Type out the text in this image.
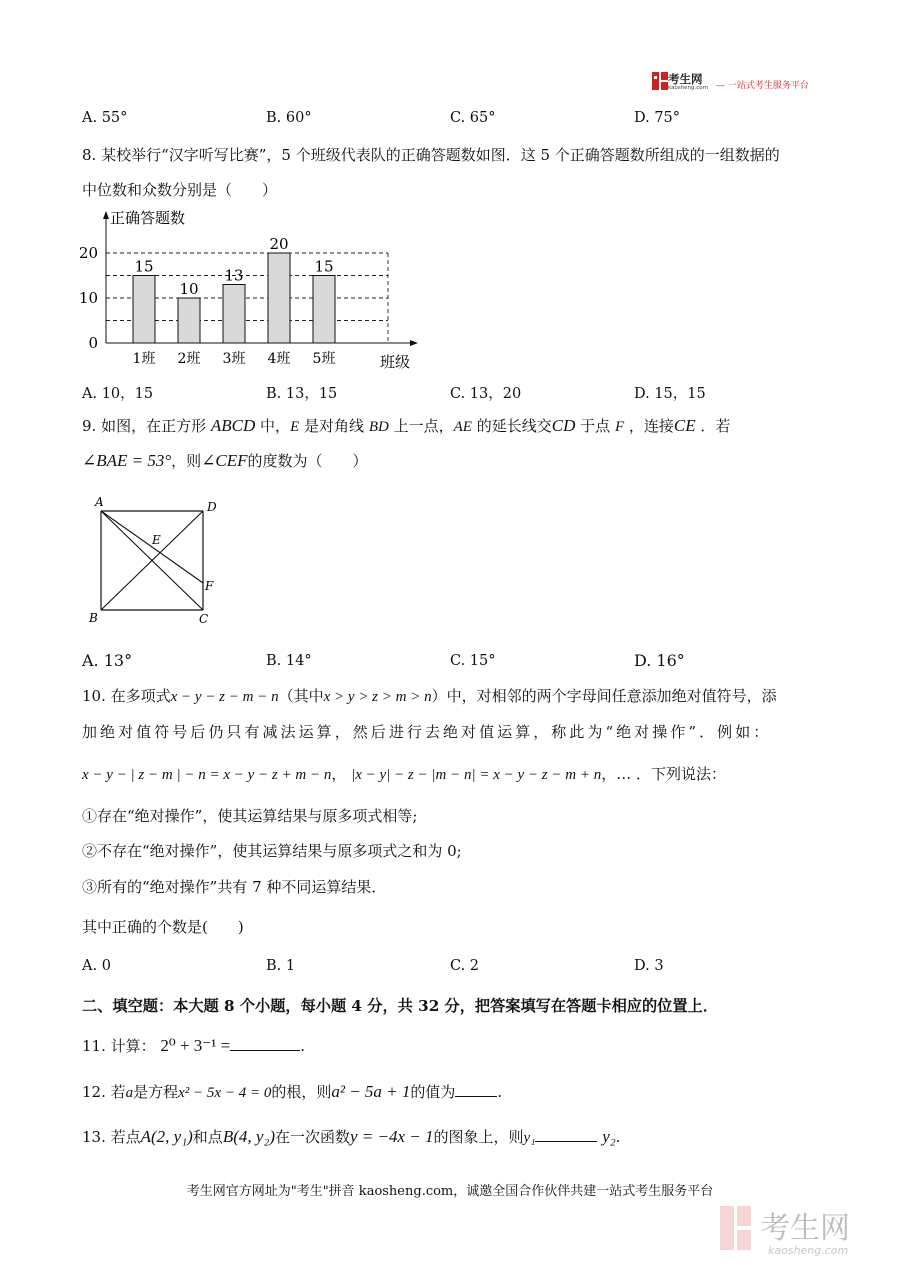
考生网
kaosheng.com — 一站式考生服务平台
A. 55°	B. 60°	C. 65°	D. 75°
8. 某校举行“汉字听写比赛”，5 个班级代表队的正确答题数如图．这 5 个正确答题数所组成的一组数据的
中位数和众数分别是（　　）
正确答题数
班级
0
10
20
15
10
13
20
15
1班 2班 3班 4班 5班
A. 10，15	B. 13，15	C. 13，20	D. 15，15
9. 如图，在正方形 ABCD 中，E 是对角线 BD 上一点，AE 的延长线交CD 于点 F ，连接CE ．若
∠BAE = 53°，则∠CEF的度数为（　　）
A	D
B	C
E
F
A. 13°	B. 14°	C. 15°	D. 16°
10. 在多项式x − y − z − m − n（其中x > y > z > m > n）中，对相邻的两个字母间任意添加绝对值符号，添
加绝对值符号后仍只有减法运算，然后进行去绝对值运算，称此为“绝对操作”．例如：
x − y − | z − m | − n = x − y − z + m − n， |x − y| − z − |m − n| = x − y − z − m + n，… ．下列说法：
①存在“绝对操作”，使其运算结果与原多项式相等;
②不存在“绝对操作”，使其运算结果与原多项式之和为 0;
③所有的“绝对操作”共有 7 种不同运算结果．
其中正确的个数是(　　)
A. 0	B. 1	C. 2	D. 3
二、填空题：本大题 8 个小题，每小题 4 分，共 32 分，把答案填写在答题卡相应的位置上．
11. 计算： 2⁰ + 3⁻¹ =	.
12. 若a是方程x² − 5x − 4 = 0的根，则a² − 5a + 1的值为	.
13. 若点A(2, y₁)和点B(4, y₂)在一次函数y = −4x − 1的图象上，则y₁	y₂.
考生网官方网址为"考生"拼音 kaosheng.com，诚邀全国合作伙伴共建一站式考生服务平台
考生网
kaosheng.com
